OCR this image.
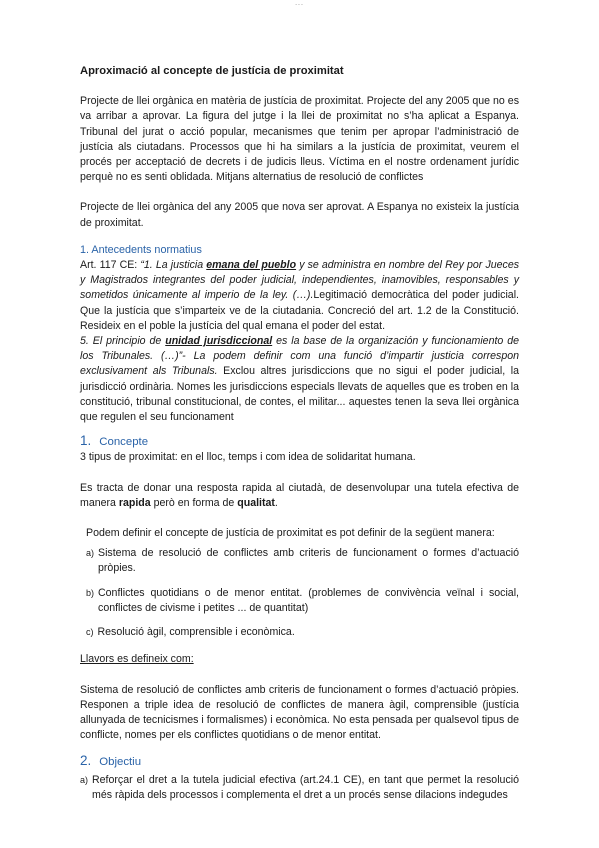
...
Aproximació al concepte de justícia de proximitat

Projecte de llei orgànica en matèria de justícia de proximitat. Projecte del any 2005 que no es va arribar a aprovar. La figura del jutge i la llei de proximitat no s’ha aplicat a Espanya. Tribunal del jurat o acció popular, mecanismes que tenim per apropar l’administració de justícia als ciutadans. Processos que hi ha similars a la justícia de proximitat, veurem el procés per acceptació de decrets i de judicis lleus. Víctima en el nostre ordenament jurídic perquè no es senti oblidada. Mitjans alternatius de resolució de conflictes

Projecte de llei orgànica del any 2005 que nova ser aprovat. A Espanya no existeix la justícia de proximitat.

1. Antecedents normatius

Art. 117 CE: “1. La justicia emana del pueblo y se administra en nombre del Rey por Jueces y Magistrados integrantes del poder judicial, independientes, inamovibles, responsables y sometidos únicamente al imperio de la ley. (…).Legitimació democràtica del poder judicial. Que la justícia que s’imparteix ve de la ciutadania. Concreció del art. 1.2 de la Constitució. Resideix en el poble la justícia del qual emana el poder del estat.

5. El principio de unidad jurisdiccional es la base de la organización y funcionamiento de los Tribunales. (…)”- La podem definir com una funció d’impartir justicia correspon exclusivament als Tribunals. Exclou altres jurisdiccions que no sigui el poder judicial, la jurisdicció ordinària. Nomes les jurisdiccions especials llevats de aquelles que es troben en la constitució, tribunal constitucional, de contes, el militar... aquestes tenen la seva llei orgànica que regulen el seu funcionament

1. Concepte

3 tipus de proximitat: en el lloc, temps i com idea de solidaritat humana.

Es tracta de donar una resposta rapida al ciutadà, de desenvolupar una tutela efectiva de manera rapida però en forma de qualitat.

Podem definir el concepte de justícia de proximitat es pot definir de la següent manera:

a) Sistema de resolució de conflictes amb criteris de funcionament o formes d’actuació pròpies.
b) Conflictes quotidians o de menor entitat. (problemes de convivència veïnal i social, conflictes de civisme i petites ... de quantitat)
c) Resolució àgil, comprensible i econòmica.

Llavors es defineix com:

Sistema de resolució de conflictes amb criteris de funcionament o formes d’actuació pròpies. Responen a triple idea de resolució de conflictes de manera àgil, comprensible (justícia allunyada de tecnicismes i formalismes) i econòmica. No esta pensada per qualsevol tipus de conflicte, nomes per els conflictes quotidians o de menor entitat.

2. Objectiu
a) Reforçar el dret a la tutela judicial efectiva (art.24.1 CE), en tant que permet la resolució més ràpida dels processos i complementa el dret a un procés sense dilacions indegudes
